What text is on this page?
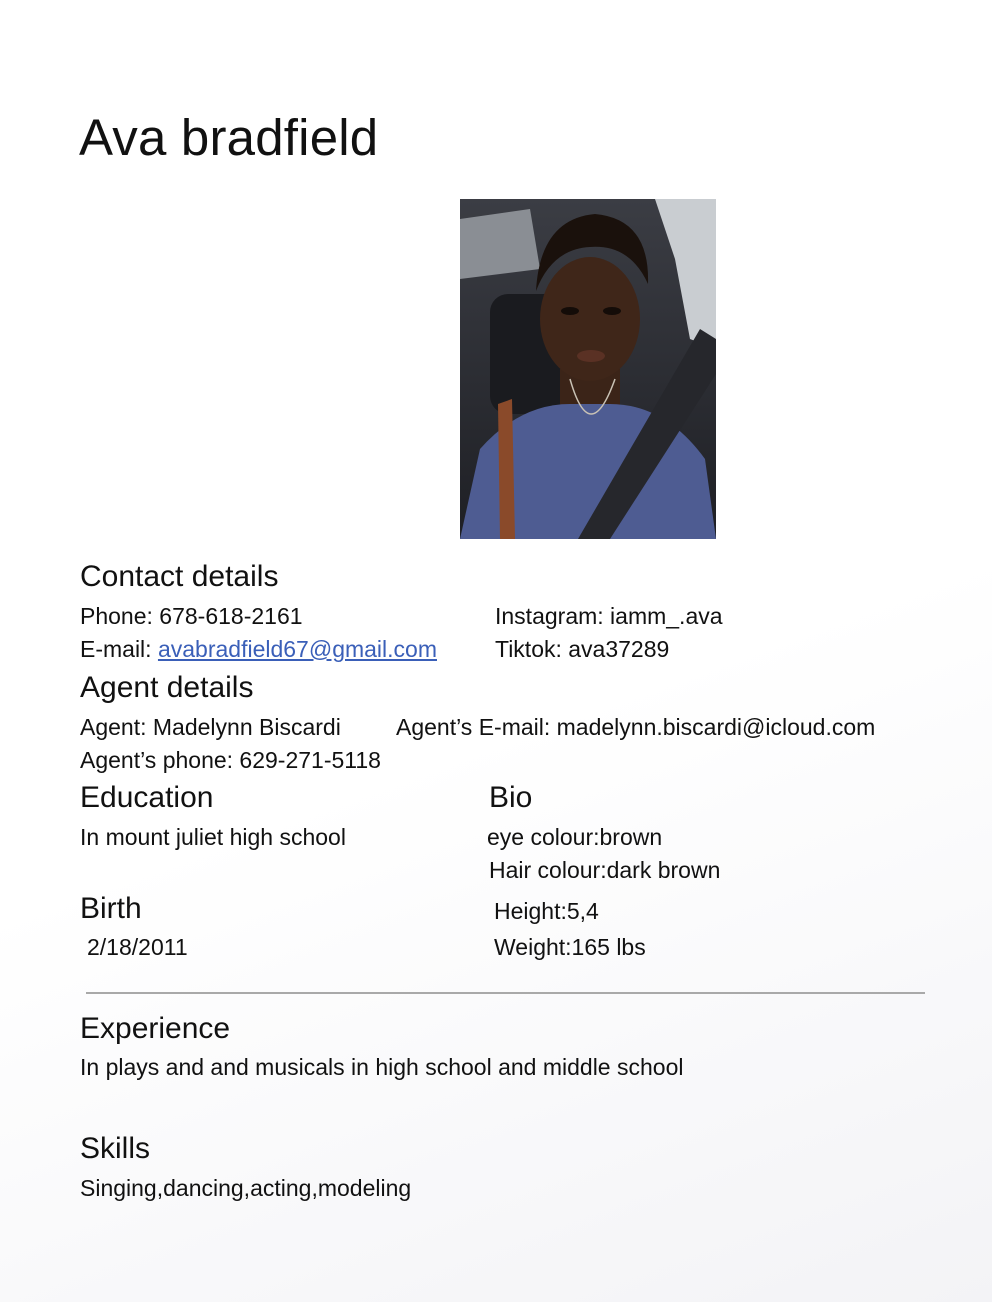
Ava bradfield
Contact details
Phone: 678-618-2161	Instagram: iamm_.ava
E-mail: avabradfield67@gmail.com	Tiktok: ava37289
Agent details
Agent: Madelynn Biscardi Agent’s E-mail: madelynn.biscardi@icloud.com
Agent’s phone: 629-271-5118
Education	Bio
In mount juliet high school	eye colour:brown
Hair colour:dark brown
Birth	Height:5,4
2/18/2011	Weight:165 lbs
Experience
In plays and and musicals in high school and middle school
Skills
Singing,dancing,acting,modeling
